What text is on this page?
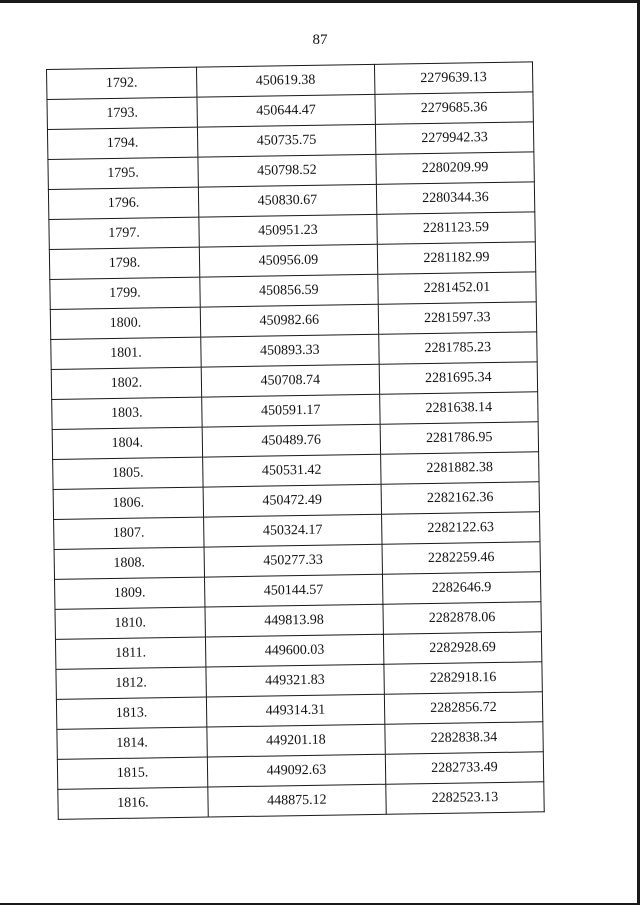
87
1792.	450619.38	2279639.13
1793.	450644.47	2279685.36
1794.	450735.75	2279942.33
1795.	450798.52	2280209.99
1796.	450830.67	2280344.36
1797.	450951.23	2281123.59
1798.	450956.09	2281182.99
1799.	450856.59	2281452.01
1800.	450982.66	2281597.33
1801.	450893.33	2281785.23
1802.	450708.74	2281695.34
1803.	450591.17	2281638.14
1804.	450489.76	2281786.95
1805.	450531.42	2281882.38
1806.	450472.49	2282162.36
1807.	450324.17	2282122.63
1808.	450277.33	2282259.46
1809.	450144.57	2282646.9
1810.	449813.98	2282878.06
1811.	449600.03	2282928.69
1812.	449321.83	2282918.16
1813.	449314.31	2282856.72
1814.	449201.18	2282838.34
1815.	449092.63	2282733.49
1816.	448875.12	2282523.13
